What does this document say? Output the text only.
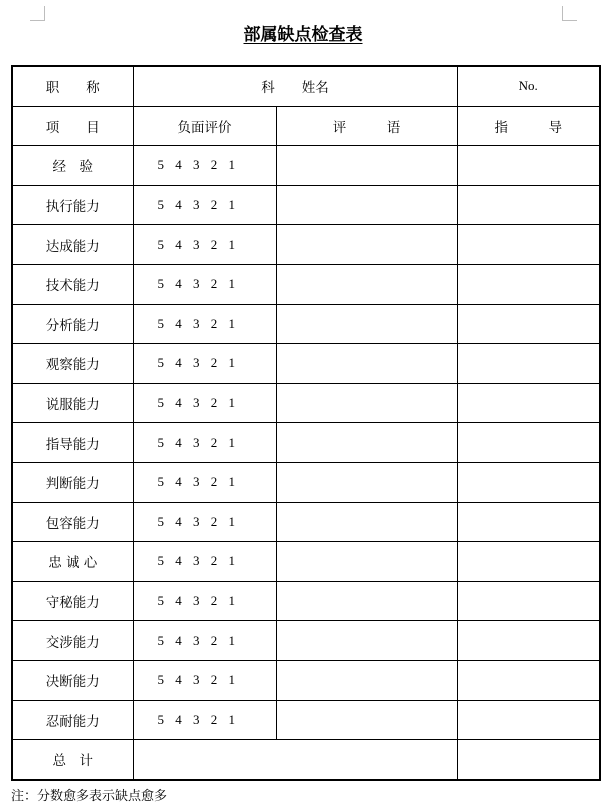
部属缺点检查表
职　　称	科　　姓名		No.
项　　目	负面评价	评　　　语	指　　　导
经　验	5 4 3 2 1		
执行能力	5 4 3 2 1		
达成能力	5 4 3 2 1		
技术能力	5 4 3 2 1		
分析能力	5 4 3 2 1		
观察能力	5 4 3 2 1		
说服能力	5 4 3 2 1		
指导能力	5 4 3 2 1		
判断能力	5 4 3 2 1		
包容能力	5 4 3 2 1		
忠 诚 心	5 4 3 2 1		
守秘能力	5 4 3 2 1		
交涉能力	5 4 3 2 1		
决断能力	5 4 3 2 1		
忍耐能力	5 4 3 2 1		
总　计			
注：分数愈多表示缺点愈多
